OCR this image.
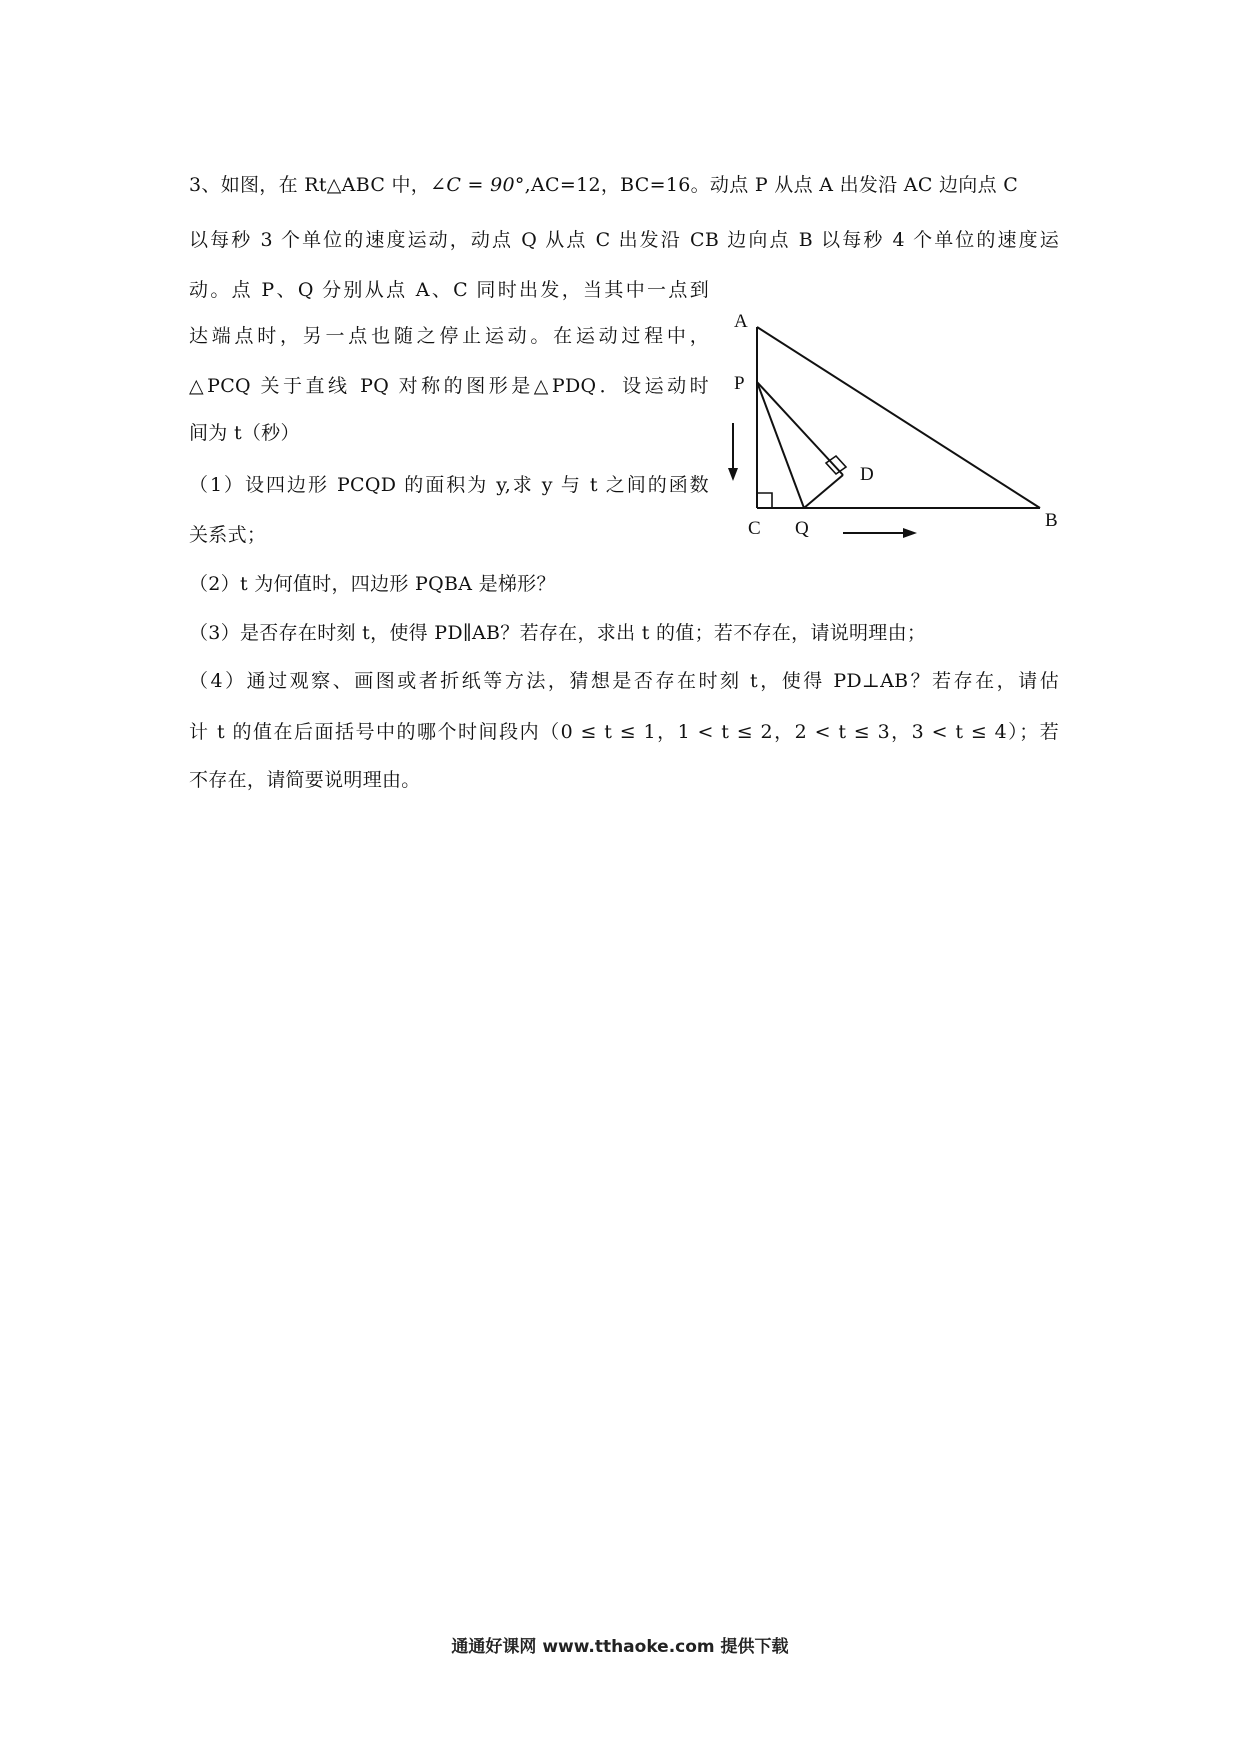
3、如图，在 Rt△ABC 中，∠C = 90°,AC=12，BC=16。动点 P 从点 A 出发沿 AC 边向点 C
以每秒 3 个单位的速度运动，动点 Q 从点 C 出发沿 CB 边向点 B 以每秒 4 个单位的速度运
动。点 P、Q 分别从点 A、C 同时出发，当其中一点到
达端点时，另一点也随之停止运动。在运动过程中，
△PCQ 关于直线 PQ 对称的图形是△PDQ．设运动时
间为 t（秒）
（1）设四边形 PCQD 的面积为 y,求 y 与 t 之间的函数
关系式；
（2）t 为何值时，四边形 PQBA 是梯形？
（3）是否存在时刻 t，使得 PD∥AB？若存在，求出 t 的值；若不存在，请说明理由；
（4）通过观察、画图或者折纸等方法，猜想是否存在时刻 t，使得 PD⊥AB？若存在，请估
计 t 的值在后面括号中的哪个时间段内（0 ≤ t ≤ 1，1 < t ≤ 2，2 < t ≤ 3，3 < t ≤ 4）；若
不存在，请简要说明理由。
A
P
D
C Q	B
通通好课网 www.tthaoke.com 提供下载
